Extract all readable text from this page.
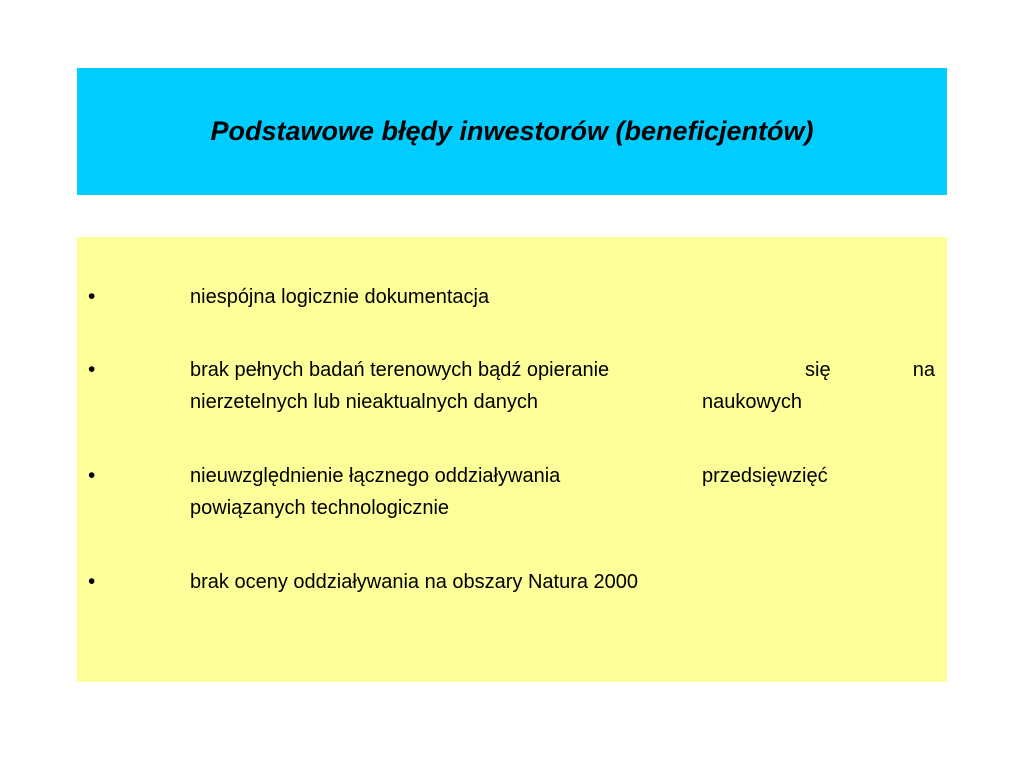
Podstawowe błędy inwestorów (beneficjentów)
•	niespójna logicznie dokumentacja
•	brak pełnych badań terenowych bądź opieranie	się	na
nierzetelnych lub nieaktualnych danych	naukowych
•	nieuwzględnienie łącznego oddziaływania	przedsięwzięć
powiązanych technologicznie
•	brak oceny oddziaływania na obszary Natura 2000
